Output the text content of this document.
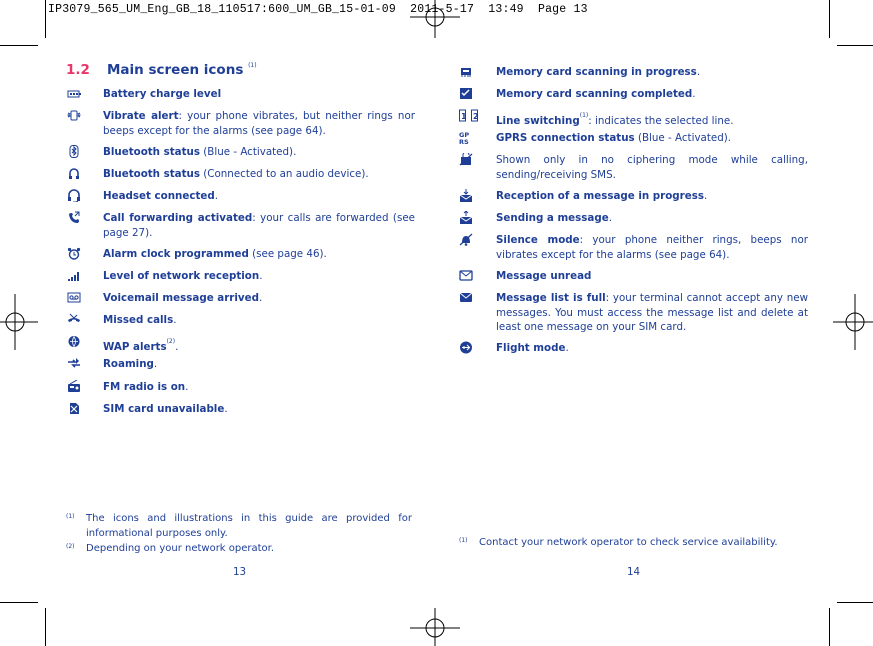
IP3079_565_UM_Eng_GB_18_110517:600_UM_GB_15-01-09  2011-5-17  13:49  Page 13
1.2 Main screen icons $^{(1)}$
Battery charge level
Vibrate alert: your phone vibrates, but neither rings nor beeps except for the alarms (see page 64).
Bluetooth status (Blue - Activated).
Bluetooth status (Connected to an audio device).
Headset connected.
Call forwarding activated: your calls are forwarded (see page 27).
Alarm clock programmed (see page 46).
Level of network reception.
Voicemail message arrived.
Missed calls.
WAP alerts$^{(2)}$.
Roaming.
FM radio is on.
SIM card unavailable.
Memory card scanning in progress.
Memory card scanning completed.
1 2 Line switching$^{(1)}$: indicates the selected line.
GP
RS	GPRS connection status (Blue - Activated).
Shown only in no ciphering mode while calling, sending/receiving SMS.
Reception of a message in progress.
Sending a message.
Silence mode: your phone neither rings, beeps nor vibrates except for the alarms (see page 64).
Message unread
Message list is full: your terminal cannot accept any new messages. You must access the message list and delete at least one message on your SIM card.
Flight mode.
(1) The icons and illustrations in this guide are provided for informational purposes only.
(2) Depending on your network operator.
(1) Contact your network operator to check service availability.
13	14
